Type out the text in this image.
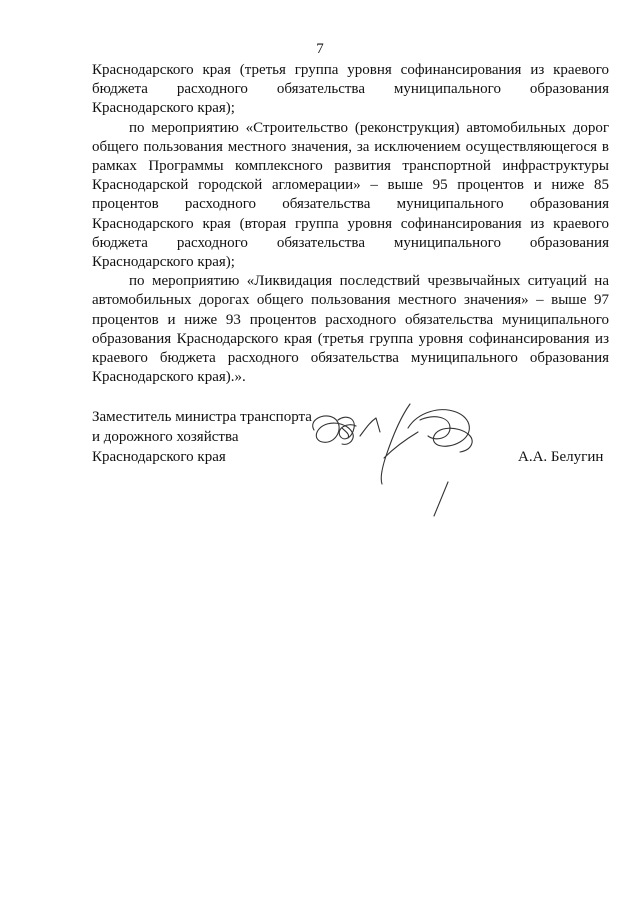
7

Краснодарского края (третья группа уровня софинансирования из краевого бюджета расходного обязательства муниципального образования Краснодарского края);

по мероприятию «Строительство (реконструкция) автомобильных дорог общего пользования местного значения, за исключением осуществляющегося в рамках Программы комплексного развития транспортной инфраструктуры Краснодарской городской агломерации» – выше 95 процентов и ниже 85 процентов расходного обязательства муниципального образования Краснодарского края (вторая группа уровня софинансирования из краевого бюджета расходного обязательства муниципального образования Краснодарского края);

по мероприятию «Ликвидация последствий чрезвычайных ситуаций на автомобильных дорогах общего пользования местного значения» – выше 97 процентов и ниже 93 процентов расходного обязательства муниципального образования Краснодарского края (третья группа уровня софинансирования из краевого бюджета расходного обязательства муниципального образования Краснодарского края).».

Заместитель министра транспорта
и дорожного хозяйства
Краснодарского края	А.А. Белугин
